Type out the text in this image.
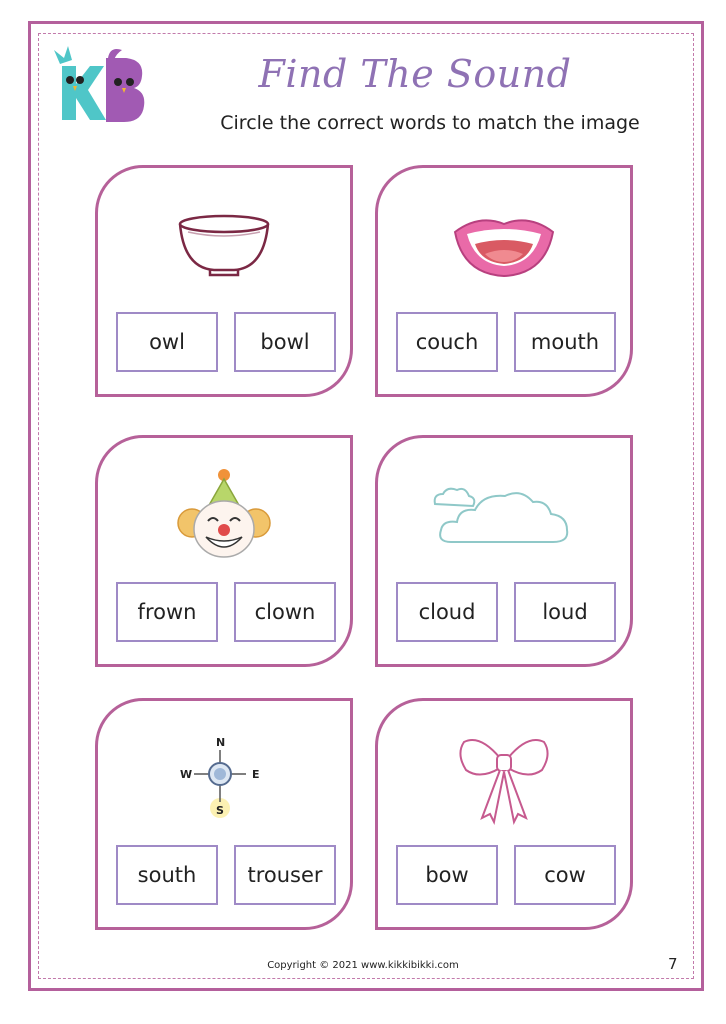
Find The Sound
Circle the correct words to match the image
owl	bowl	couch	mouth
frown	clown	cloud	loud
N
W	E
S
south	trouser	bow	cow
Copyright © 2021 www.kikkibikki.com	7
